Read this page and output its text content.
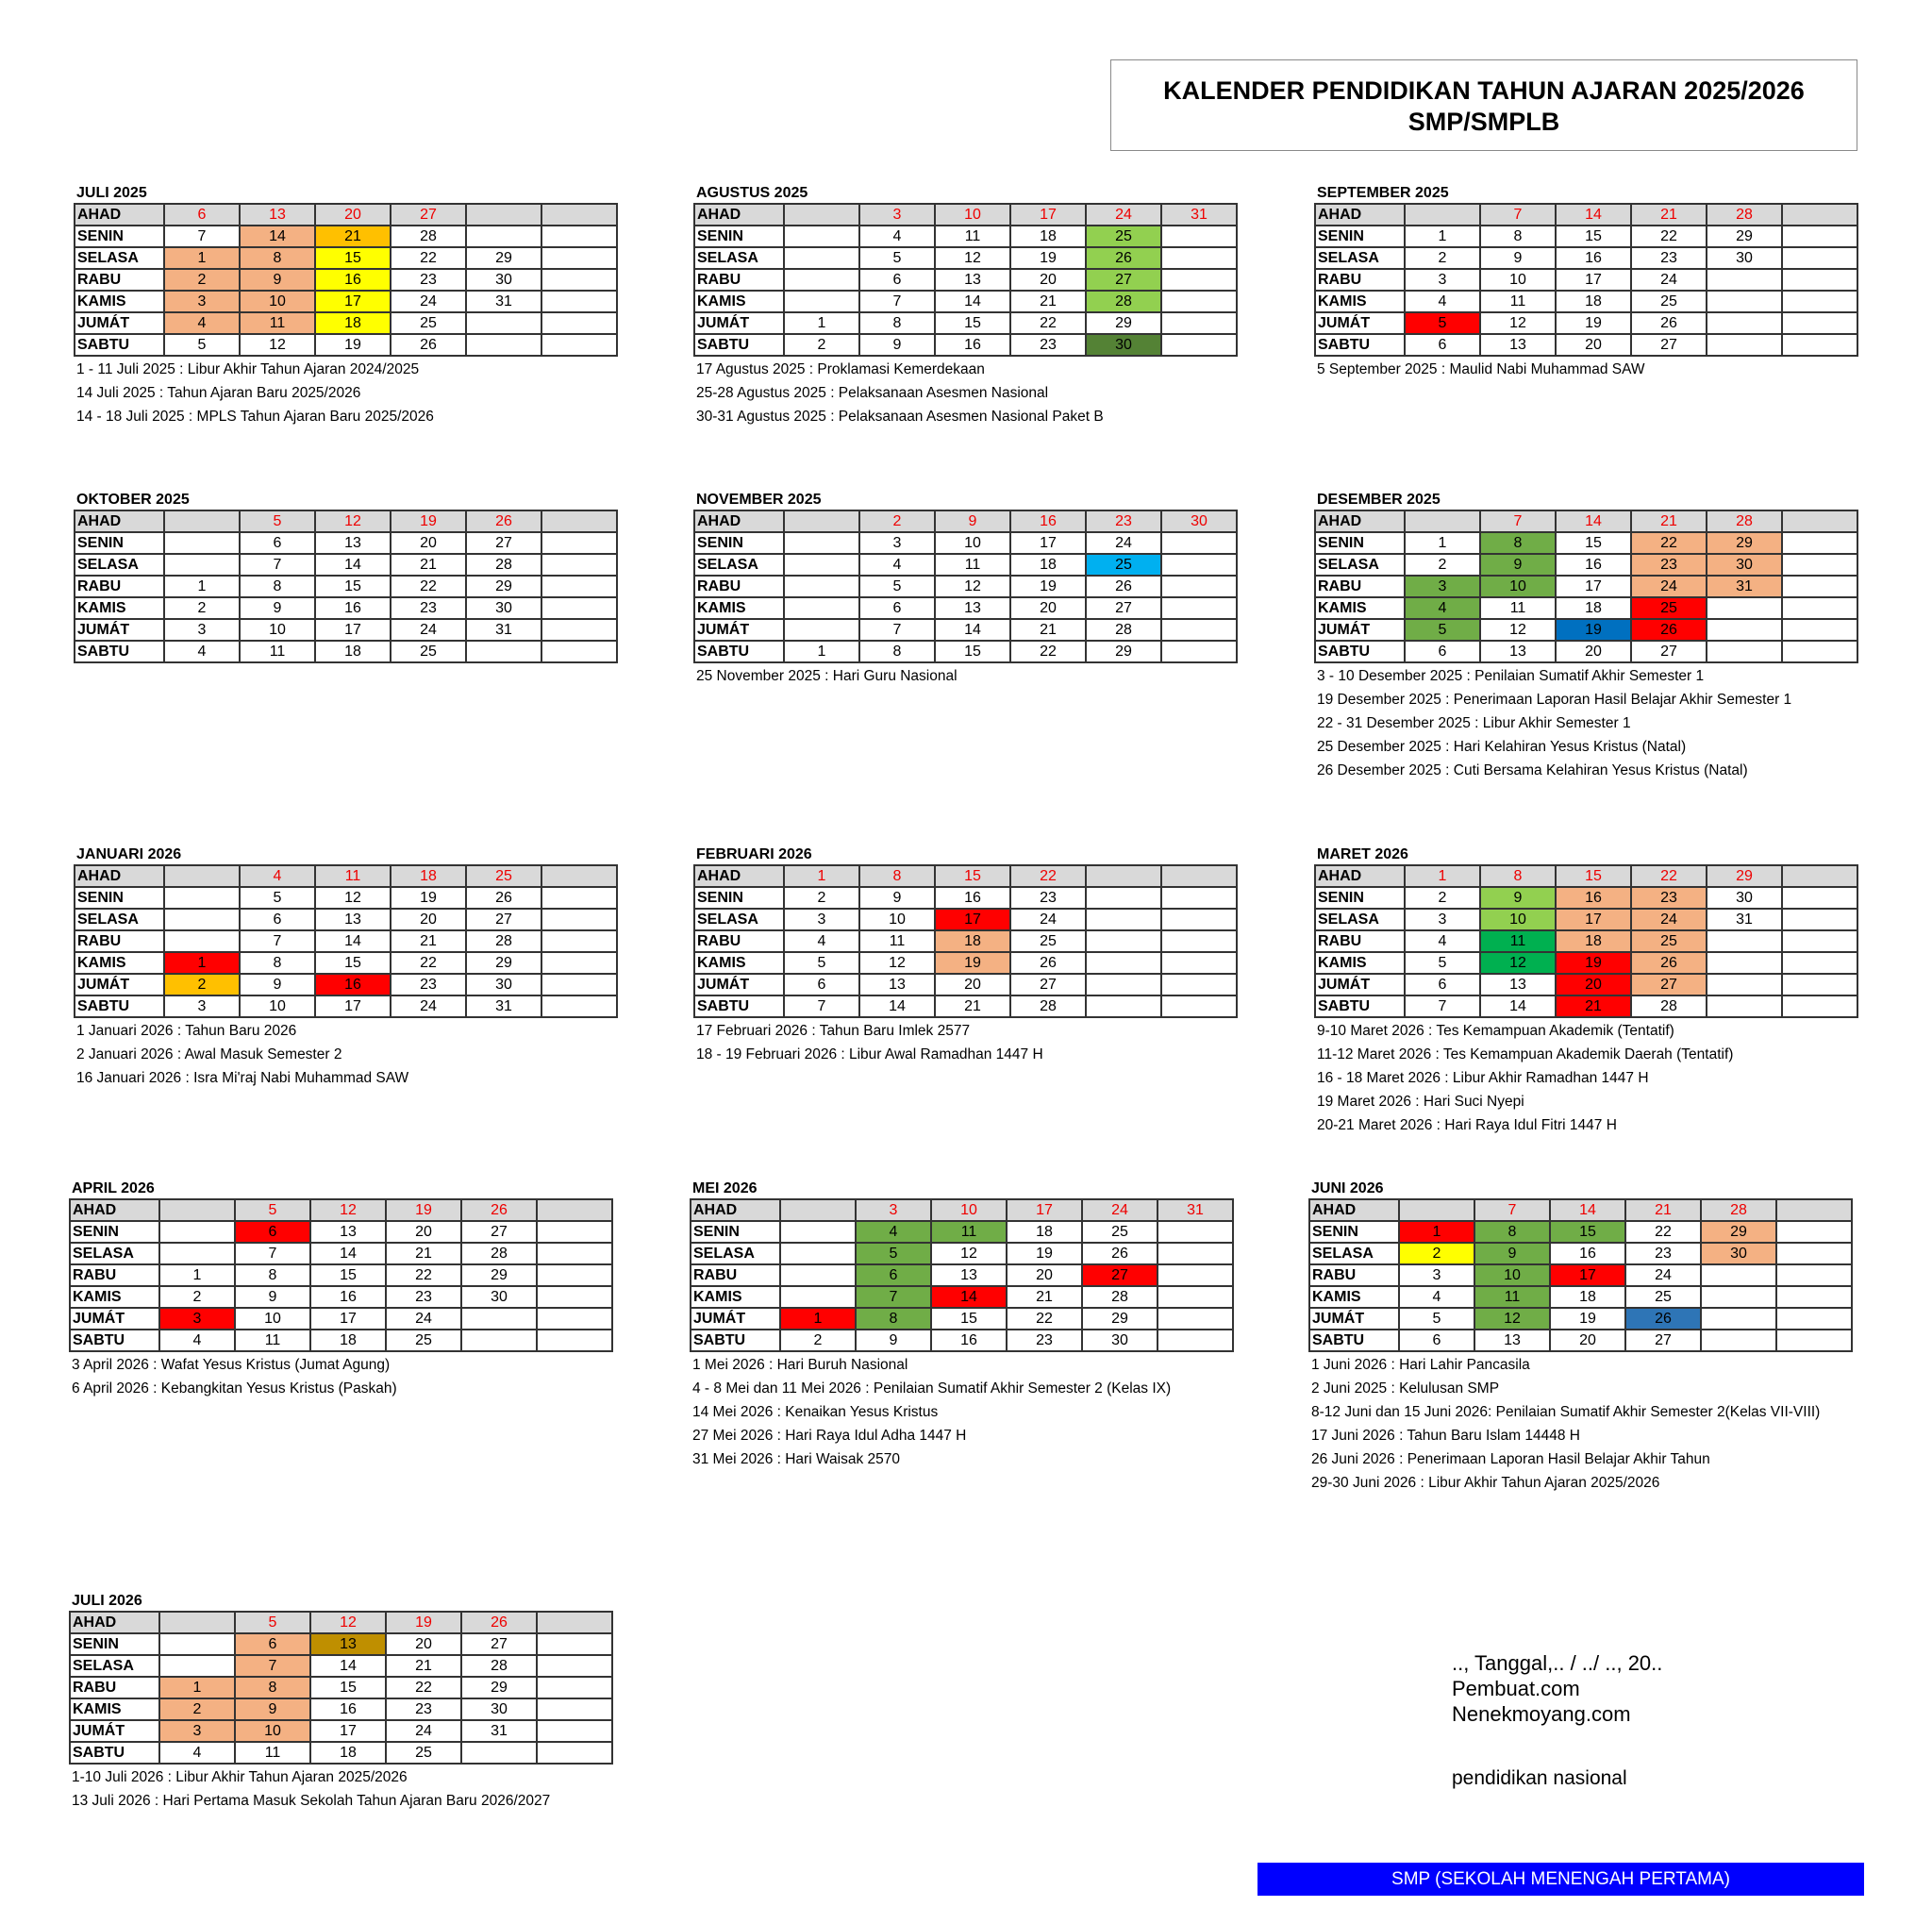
KALENDER PENDIDIKAN TAHUN AJARAN 2025/2026
SMP/SMPLB
JULI 2025
AHAD	6	13	20	27		
SENIN	7	14	21	28		
SELASA	1	8	15	22	29	
RABU	2	9	16	23	30	
KAMIS	3	10	17	24	31	
JUMÁT	4	11	18	25		
SABTU	5	12	19	26		
1 - 11 Juli 2025 : Libur Akhir Tahun Ajaran 2024/2025
14 Juli 2025 : Tahun Ajaran Baru 2025/2026
14 - 18 Juli 2025 : MPLS Tahun Ajaran Baru 2025/2026
AGUSTUS 2025
AHAD		3	10	17	24	31
SENIN		4	11	18	25	
SELASA		5	12	19	26	
RABU		6	13	20	27	
KAMIS		7	14	21	28	
JUMÁT	1	8	15	22	29	
SABTU	2	9	16	23	30	
17 Agustus 2025 : Proklamasi Kemerdekaan
25-28 Agustus 2025 : Pelaksanaan Asesmen Nasional
30-31 Agustus 2025 : Pelaksanaan Asesmen Nasional Paket B
SEPTEMBER 2025
AHAD		7	14	21	28	
SENIN	1	8	15	22	29	
SELASA	2	9	16	23	30	
RABU	3	10	17	24		
KAMIS	4	11	18	25		
JUMÁT	5	12	19	26		
SABTU	6	13	20	27		
5 September 2025 : Maulid Nabi Muhammad SAW
OKTOBER 2025
AHAD		5	12	19	26	
SENIN		6	13	20	27	
SELASA		7	14	21	28	
RABU	1	8	15	22	29	
KAMIS	2	9	16	23	30	
JUMÁT	3	10	17	24	31	
SABTU	4	11	18	25		
NOVEMBER 2025
AHAD		2	9	16	23	30
SENIN		3	10	17	24	
SELASA		4	11	18	25	
RABU		5	12	19	26	
KAMIS		6	13	20	27	
JUMÁT		7	14	21	28	
SABTU	1	8	15	22	29	
25 November 2025 : Hari Guru Nasional
DESEMBER 2025
AHAD		7	14	21	28	
SENIN	1	8	15	22	29	
SELASA	2	9	16	23	30	
RABU	3	10	17	24	31	
KAMIS	4	11	18	25		
JUMÁT	5	12	19	26		
SABTU	6	13	20	27		
3 - 10 Desember 2025 : Penilaian Sumatif Akhir Semester 1
19 Desember 2025 : Penerimaan Laporan Hasil Belajar Akhir Semester 1
22 - 31 Desember 2025 : Libur Akhir Semester 1
25 Desember 2025 : Hari Kelahiran Yesus Kristus (Natal)
26 Desember 2025 : Cuti Bersama Kelahiran Yesus Kristus (Natal)
JANUARI 2026
AHAD		4	11	18	25	
SENIN		5	12	19	26	
SELASA		6	13	20	27	
RABU		7	14	21	28	
KAMIS	1	8	15	22	29	
JUMÁT	2	9	16	23	30	
SABTU	3	10	17	24	31	
1 Januari 2026 : Tahun Baru 2026
2 Januari 2026 : Awal Masuk Semester 2
16 Januari 2026 : Isra Mi'raj Nabi Muhammad SAW
FEBRUARI 2026
AHAD	1	8	15	22		
SENIN	2	9	16	23		
SELASA	3	10	17	24		
RABU	4	11	18	25		
KAMIS	5	12	19	26		
JUMÁT	6	13	20	27		
SABTU	7	14	21	28		
17 Februari 2026 : Tahun Baru Imlek 2577
18 - 19 Februari 2026 : Libur Awal Ramadhan 1447 H
MARET 2026
AHAD	1	8	15	22	29	
SENIN	2	9	16	23	30	
SELASA	3	10	17	24	31	
RABU	4	11	18	25		
KAMIS	5	12	19	26		
JUMÁT	6	13	20	27		
SABTU	7	14	21	28		
9-10 Maret 2026 : Tes Kemampuan Akademik (Tentatif)
11-12 Maret 2026 : Tes Kemampuan Akademik Daerah (Tentatif)
16 - 18 Maret 2026 : Libur Akhir Ramadhan 1447 H
19 Maret 2026 : Hari Suci Nyepi
20-21 Maret 2026 : Hari Raya Idul Fitri 1447 H
APRIL 2026
AHAD		5	12	19	26	
SENIN		6	13	20	27	
SELASA		7	14	21	28	
RABU	1	8	15	22	29	
KAMIS	2	9	16	23	30	
JUMÁT	3	10	17	24		
SABTU	4	11	18	25		
3 April 2026 : Wafat Yesus Kristus (Jumat Agung)
6 April 2026 : Kebangkitan Yesus Kristus (Paskah)
MEI 2026
AHAD		3	10	17	24	31
SENIN		4	11	18	25	
SELASA		5	12	19	26	
RABU		6	13	20	27	
KAMIS		7	14	21	28	
JUMÁT	1	8	15	22	29	
SABTU	2	9	16	23	30	
1 Mei 2026 : Hari Buruh Nasional
4 - 8 Mei dan 11 Mei 2026 : Penilaian Sumatif Akhir Semester 2 (Kelas IX)
14 Mei 2026 : Kenaikan Yesus Kristus
27 Mei 2026 : Hari Raya Idul Adha 1447 H
31 Mei 2026 : Hari Waisak 2570
JUNI 2026
AHAD		7	14	21	28	
SENIN	1	8	15	22	29	
SELASA	2	9	16	23	30	
RABU	3	10	17	24		
KAMIS	4	11	18	25		
JUMÁT	5	12	19	26		
SABTU	6	13	20	27		
1 Juni 2026 : Hari Lahir Pancasila
2 Juni 2025 : Kelulusan SMP
8-12 Juni dan 15 Juni 2026: Penilaian Sumatif Akhir Semester 2(Kelas VII-VIII)
17 Juni 2026 : Tahun Baru Islam 14448 H
26 Juni 2026 : Penerimaan Laporan Hasil Belajar Akhir Tahun
29-30 Juni 2026 : Libur Akhir Tahun Ajaran 2025/2026
JULI 2026
AHAD		5	12	19	26	
SENIN		6	13	20	27	
SELASA		7	14	21	28	
RABU	1	8	15	22	29	
KAMIS	2	9	16	23	30	
JUMÁT	3	10	17	24	31	
SABTU	4	11	18	25		
1-10 Juli 2026 : Libur Akhir Tahun Ajaran 2025/2026
13 Juli 2026 : Hari Pertama Masuk Sekolah Tahun Ajaran Baru 2026/2027
.., Tanggal,.. / ../ .., 20..
Pembuat.com
Nenekmoyang.com
pendidikan nasional
SMP (SEKOLAH MENENGAH PERTAMA)
